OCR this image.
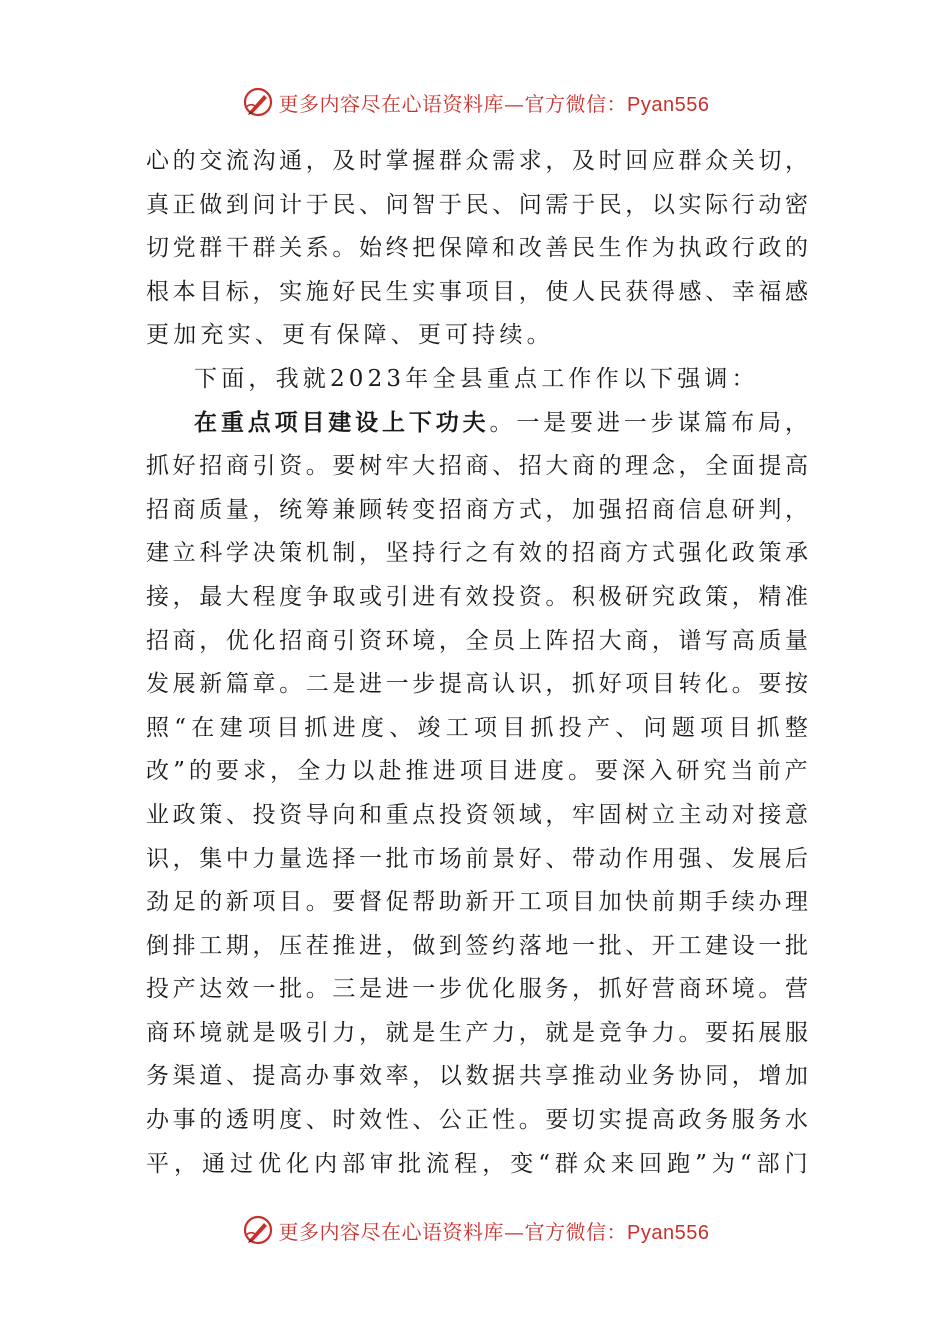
更多内容尽在心语资料库—官方微信：Pyan556
心 的 交 流 沟 通 ， 及 时 掌 握 群 众 需 求 ， 及 时 回 应 群 众 关 切 ，
真 正 做 到 问 计 于 民 、 问 智 于 民 、 问 需 于 民 ， 以 实 际 行 动 密
切 党 群 干 群 关 系 。 始 终 把 保 障 和 改 善 民 生 作 为 执 政 行 政 的
根 本 目 标 ， 实 施 好 民 生 实 事 项 目 ， 使 人 民 获 得 感 、 幸 福 感
更 加 充 实 、 更 有 保 障 、 更 可 持 续 。
下 面 ， 我 就 2 0 2 3 年 全 县 重 点 工 作 作 以 下 强 调 ：
在 重 点 项 目 建 设 上 下 功 夫 。 一 是 要 进 一 步 谋 篇 布 局 ，
抓 好 招 商 引 资 。 要 树 牢 大 招 商 、 招 大 商 的 理 念 ， 全 面 提 高
招 商 质 量 ， 统 筹 兼 顾 转 变 招 商 方 式 ， 加 强 招 商 信 息 研 判 ，
建 立 科 学 决 策 机 制 ， 坚 持 行 之 有 效 的 招 商 方 式 强 化 政 策 承
接 ， 最 大 程 度 争 取 或 引 进 有 效 投 资 。 积 极 研 究 政 策 ， 精 准
招 商 ， 优 化 招 商 引 资 环 境 ， 全 员 上 阵 招 大 商 ， 谱 写 高 质 量
发 展 新 篇 章 。 二 是 进 一 步 提 高 认 识 ， 抓 好 项 目 转 化 。 要 按
照 “ 在 建 项 目 抓 进 度 、 竣 工 项 目 抓 投 产 、 问 题 项 目 抓 整
改 ” 的 要 求 ， 全 力 以 赴 推 进 项 目 进 度 。 要 深 入 研 究 当 前 产
业 政 策 、 投 资 导 向 和 重 点 投 资 领 域 ， 牢 固 树 立 主 动 对 接 意
识 ， 集 中 力 量 选 择 一 批 市 场 前 景 好 、 带 动 作 用 强 、 发 展 后
劲 足 的 新 项 目 。 要 督 促 帮 助 新 开 工 项 目 加 快 前 期 手 续 办 理
倒 排 工 期 ， 压 茬 推 进 ， 做 到 签 约 落 地 一 批 、 开 工 建 设 一 批
投 产 达 效 一 批 。 三 是 进 一 步 优 化 服 务 ， 抓 好 营 商 环 境 。 营
商 环 境 就 是 吸 引 力 ， 就 是 生 产 力 ， 就 是 竞 争 力 。 要 拓 展 服
务 渠 道 、 提 高 办 事 效 率 ， 以 数 据 共 享 推 动 业 务 协 同 ， 增 加
办 事 的 透 明 度 、 时 效 性 、 公 正 性 。 要 切 实 提 高 政 务 服 务 水
平 ， 通 过 优 化 内 部 审 批 流 程 ， 变 “ 群 众 来 回 跑 ” 为 “ 部 门
更多内容尽在心语资料库—官方微信：Pyan556
